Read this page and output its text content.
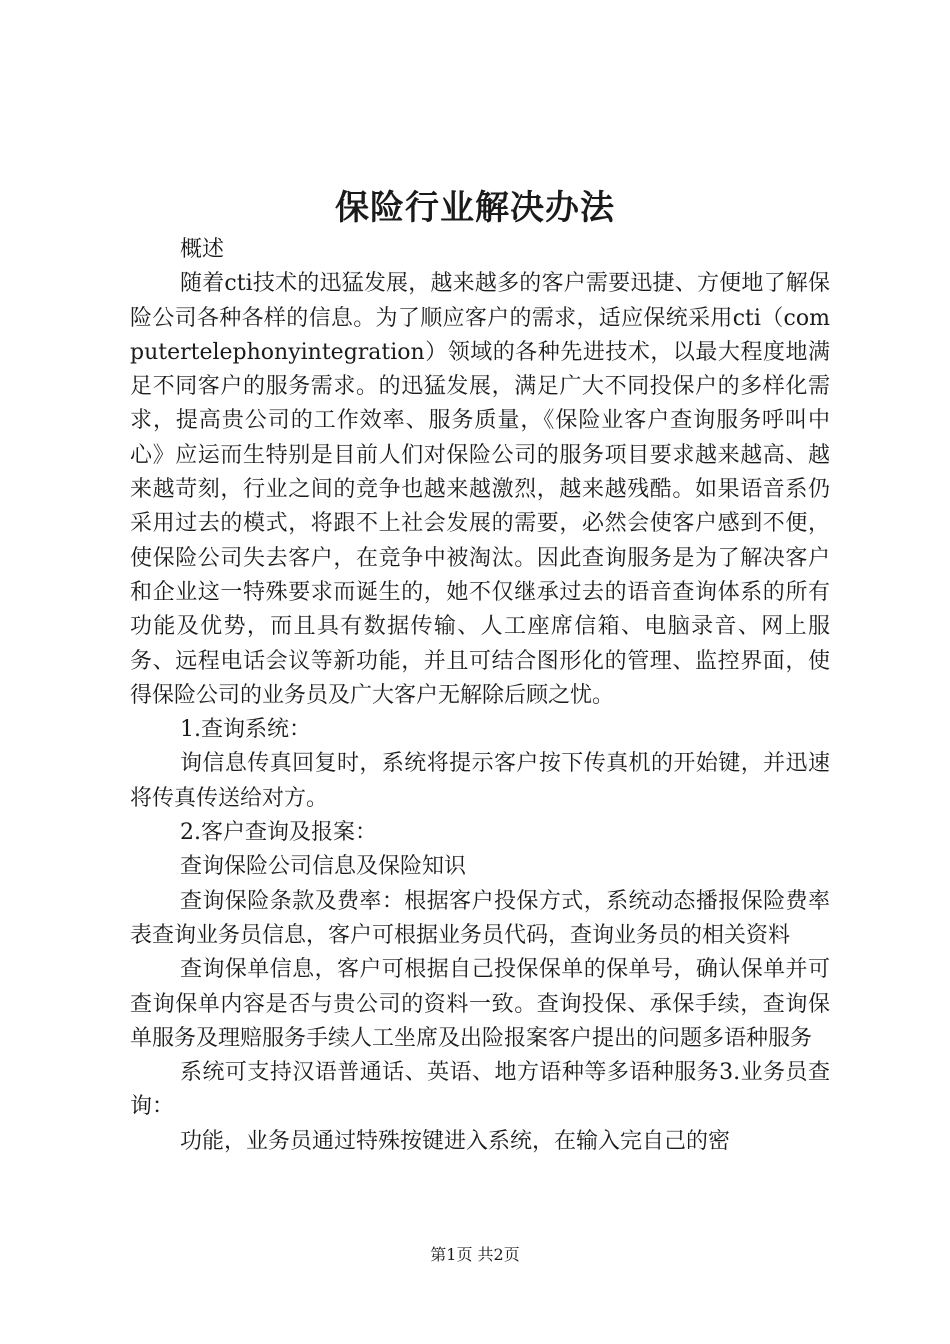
保险行业解决办法

概述

随着cti技术的迅猛发展，越来越多的客户需要迅捷、方便地了解保险公司各种各样的信息。为了顺应客户的需求，适应保统采用cti（computertelephonyintegration）领域的各种先进技术，以最大程度地满足不同客户的服务需求。的迅猛发展，满足广大不同投保户的多样化需求，提高贵公司的工作效率、服务质量，《保险业客户查询服务呼叫中心》应运而生特别是目前人们对保险公司的服务项目要求越来越高、越来越苛刻，行业之间的竞争也越来越激烈，越来越残酷。如果语音系仍采用过去的模式，将跟不上社会发展的需要，必然会使客户感到不便，使保险公司失去客户，在竞争中被淘汰。因此查询服务是为了解决客户和企业这一特殊要求而诞生的，她不仅继承过去的语音查询体系的所有功能及优势，而且具有数据传输、人工座席信箱、电脑录音、网上服务、远程电话会议等新功能，并且可结合图形化的管理、监控界面，使得保险公司的业务员及广大客户无解除后顾之忧。

1.查询系统：

询信息传真回复时，系统将提示客户按下传真机的开始键，并迅速将传真传送给对方。

2.客户查询及报案：

查询保险公司信息及保险知识

查询保险条款及费率：根据客户投保方式，系统动态播报保险费率表查询业务员信息，客户可根据业务员代码，查询业务员的相关资料

查询保单信息，客户可根据自己投保保单的保单号，确认保单并可查询保单内容是否与贵公司的资料一致。查询投保、承保手续，查询保单服务及理赔服务手续人工坐席及出险报案客户提出的问题多语种服务

系统可支持汉语普通话、英语、地方语种等多语种服务3.业务员查询：

功能，业务员通过特殊按键进入系统，在输入完自己的密

第1页 共2页
